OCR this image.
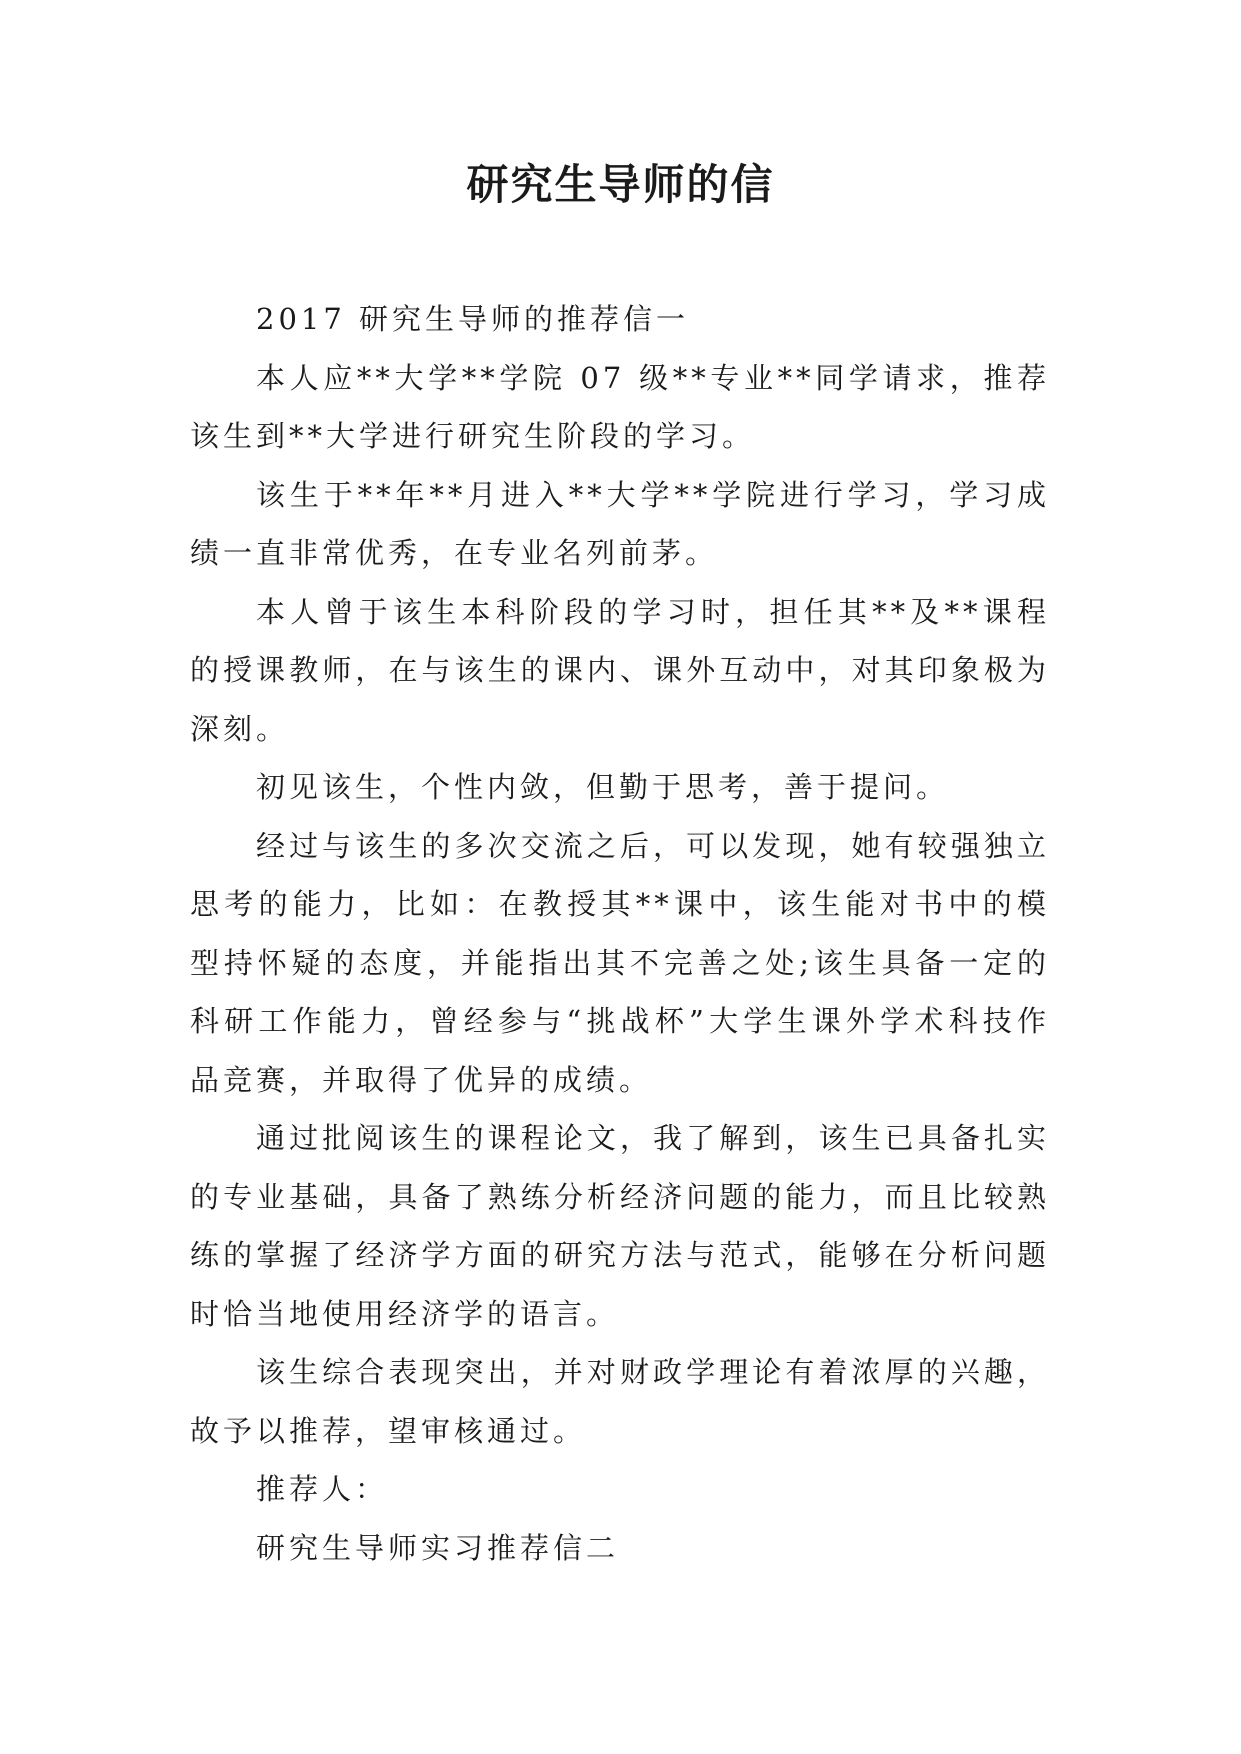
研究生导师的信

2017 研究生导师的推荐信一

本人应**大学**学院 07 级**专业**同学请求，推荐该生到**大学进行研究生阶段的学习。

该生于**年**月进入**大学**学院进行学习，学习成绩一直非常优秀，在专业名列前茅。

本人曾于该生本科阶段的学习时，担任其**及**课程的授课教师，在与该生的课内、课外互动中，对其印象极为深刻。

初见该生，个性内敛，但勤于思考，善于提问。

经过与该生的多次交流之后，可以发现，她有较强独立思考的能力，比如：在教授其**课中，该生能对书中的模型持怀疑的态度，并能指出其不完善之处;该生具备一定的科研工作能力，曾经参与“挑战杯”大学生课外学术科技作品竞赛，并取得了优异的成绩。

通过批阅该生的课程论文，我了解到，该生已具备扎实的专业基础，具备了熟练分析经济问题的能力，而且比较熟练的掌握了经济学方面的研究方法与范式，能够在分析问题时恰当地使用经济学的语言。

该生综合表现突出，并对财政学理论有着浓厚的兴趣，故予以推荐，望审核通过。

推荐人：

研究生导师实习推荐信二
